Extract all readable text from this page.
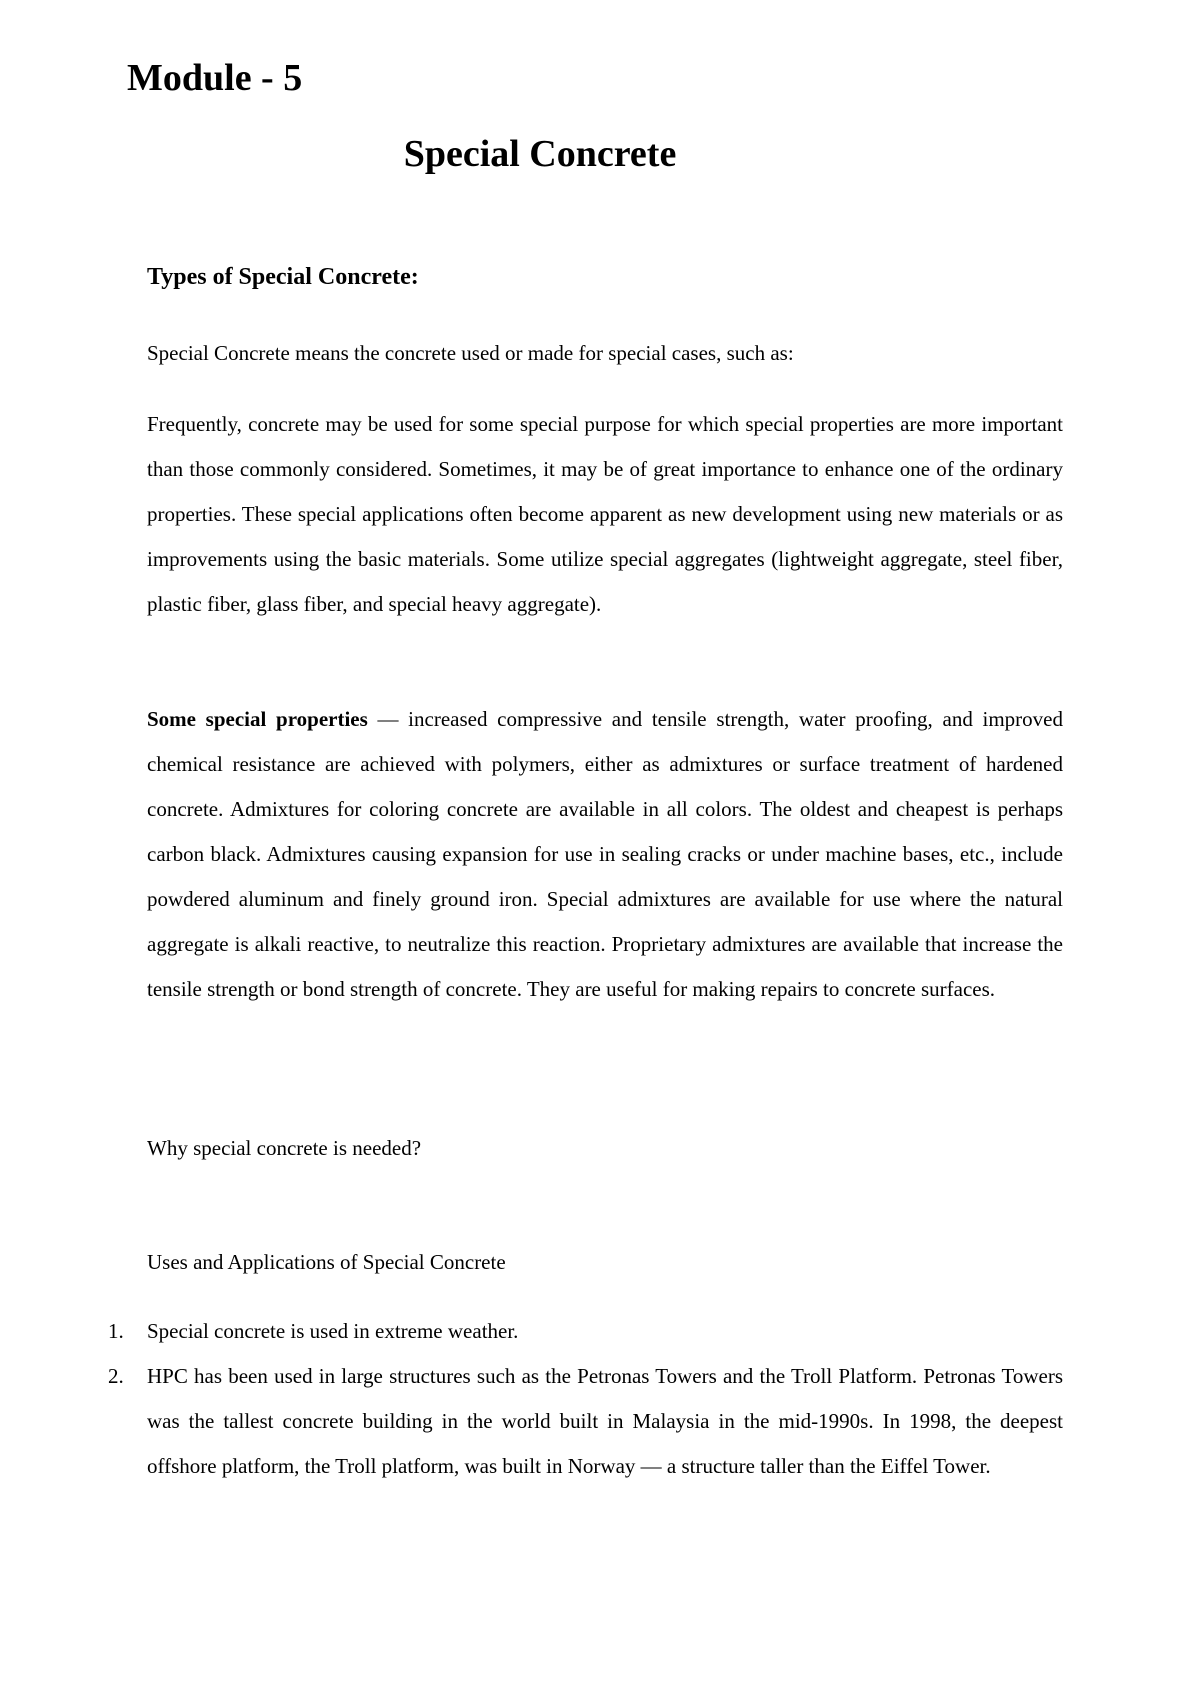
Module - 5
Special Concrete
Types of Special Concrete:

Special Concrete means the concrete used or made for special cases, such as:

Frequently, concrete may be used for some special purpose for which special properties are more important than those commonly considered. Sometimes, it may be of great importance to enhance one of the ordinary properties. These special applications often become apparent as new development using new materials or as improvements using the basic materials. Some utilize special aggregates (lightweight aggregate, steel fiber, plastic fiber, glass fiber, and special heavy aggregate).

Some special properties — increased compressive and tensile strength, water proofing, and improved chemical resistance are achieved with polymers, either as admixtures or surface treatment of hardened concrete. Admixtures for coloring concrete are available in all colors. The oldest and cheapest is perhaps carbon black. Admixtures causing expansion for use in sealing cracks or under machine bases, etc., include powdered aluminum and finely ground iron. Special admixtures are available for use where the natural aggregate is alkali reactive, to neutralize this reaction. Proprietary admixtures are available that increase the tensile strength or bond strength of concrete. They are useful for making repairs to concrete surfaces.

Why special concrete is needed?

Uses and Applications of Special Concrete

1. Special concrete is used in extreme weather.
2. HPC has been used in large structures such as the Petronas Towers and the Troll Platform. Petronas Towers was the tallest concrete building in the world built in Malaysia in the mid-1990s. In 1998, the deepest offshore platform, the Troll platform, was built in Norway — a structure taller than the Eiffel Tower.
